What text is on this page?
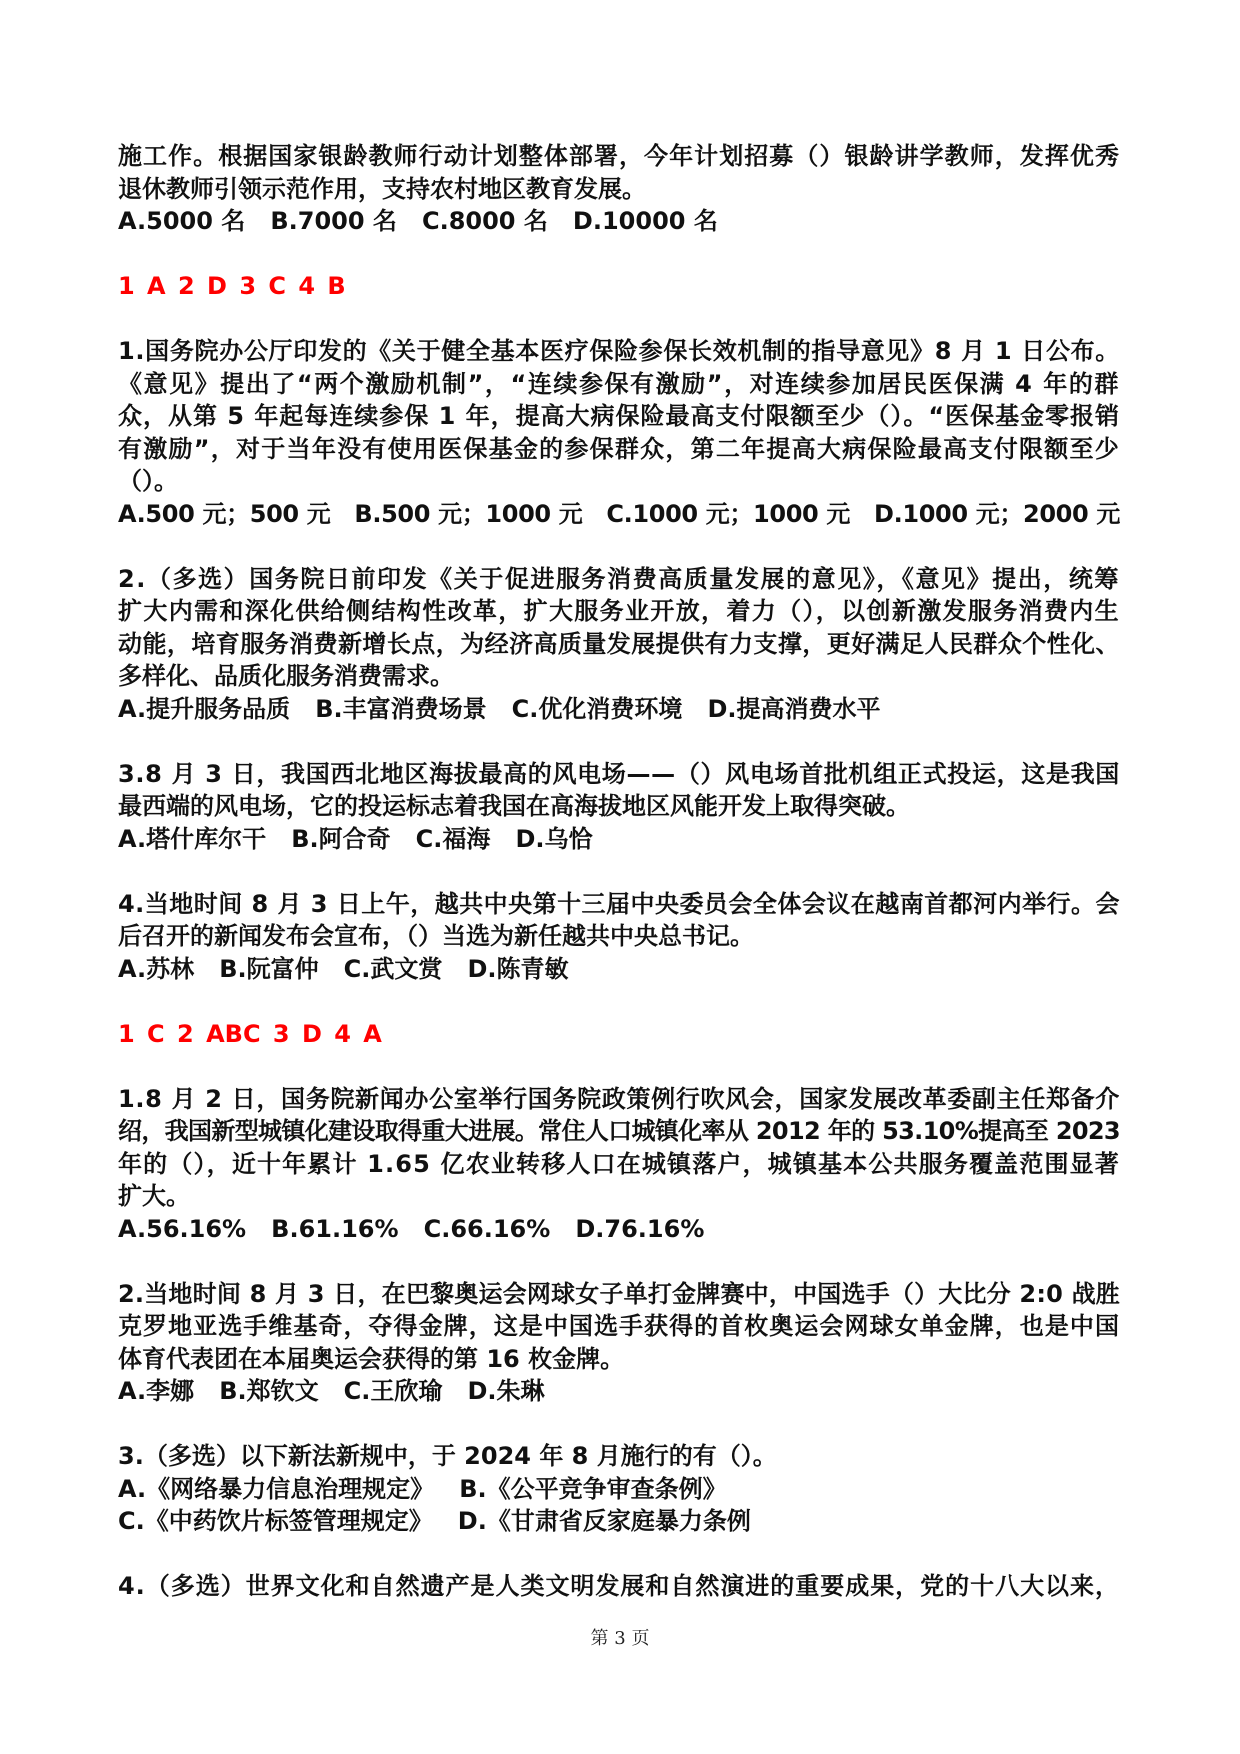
施工作。根据国家银龄教师行动计划整体部署，今年计划招募（）银龄讲学教师，发挥优秀
退休教师引领示范作用，支持农村地区教育发展。
A.5000 名   B.7000 名   C.8000 名   D.10000 名
1 A 2 D 3 C 4 B
1.国务院办公厅印发的《关于健全基本医疗保险参保长效机制的指导意见》8 月 1 日公布。
《意见》提出了“两个激励机制”，“连续参保有激励”，对连续参加居民医保满 4 年的群
众，从第 5 年起每连续参保 1 年，提高大病保险最高支付限额至少（）。“医保基金零报销
有激励”，对于当年没有使用医保基金的参保群众，第二年提高大病保险最高支付限额至少
（）。
A.500 元；500 元   B.500 元；1000 元   C.1000 元；1000 元   D.1000 元；2000 元
2.（多选）国务院日前印发《关于促进服务消费高质量发展的意见》，《意见》提出，统筹
扩大内需和深化供给侧结构性改革，扩大服务业开放，着力（），以创新激发服务消费内生
动能，培育服务消费新增长点，为经济高质量发展提供有力支撑，更好满足人民群众个性化、
多样化、品质化服务消费需求。
A.提升服务品质   B.丰富消费场景   C.优化消费环境   D.提高消费水平
3.8 月 3 日，我国西北地区海拔最高的风电场——（）风电场首批机组正式投运，这是我国
最西端的风电场，它的投运标志着我国在高海拔地区风能开发上取得突破。
A.塔什库尔干   B.阿合奇   C.福海   D.乌恰
4.当地时间 8 月 3 日上午，越共中央第十三届中央委员会全体会议在越南首都河内举行。会
后召开的新闻发布会宣布，（）当选为新任越共中央总书记。
A.苏林   B.阮富仲   C.武文赏   D.陈青敏
1 C 2 ABC 3 D 4 A
1.8 月 2 日，国务院新闻办公室举行国务院政策例行吹风会，国家发展改革委副主任郑备介
绍，我国新型城镇化建设取得重大进展。常住人口城镇化率从 2012 年的 53.10%提高至 2023
年的（），近十年累计 1.65 亿农业转移人口在城镇落户，城镇基本公共服务覆盖范围显著
扩大。
A.56.16%   B.61.16%   C.66.16%   D.76.16%
2.当地时间 8 月 3 日，在巴黎奥运会网球女子单打金牌赛中，中国选手（）大比分 2:0 战胜
克罗地亚选手维基奇，夺得金牌，这是中国选手获得的首枚奥运会网球女单金牌，也是中国
体育代表团在本届奥运会获得的第 16 枚金牌。
A.李娜   B.郑钦文   C.王欣瑜   D.朱琳
3.（多选）以下新法新规中，于 2024 年 8 月施行的有（）。
A.《网络暴力信息治理规定》   B.《公平竞争审查条例》
C.《中药饮片标签管理规定》   D.《甘肃省反家庭暴力条例
4.（多选）世界文化和自然遗产是人类文明发展和自然演进的重要成果，党的十八大以来，
第 3 页
